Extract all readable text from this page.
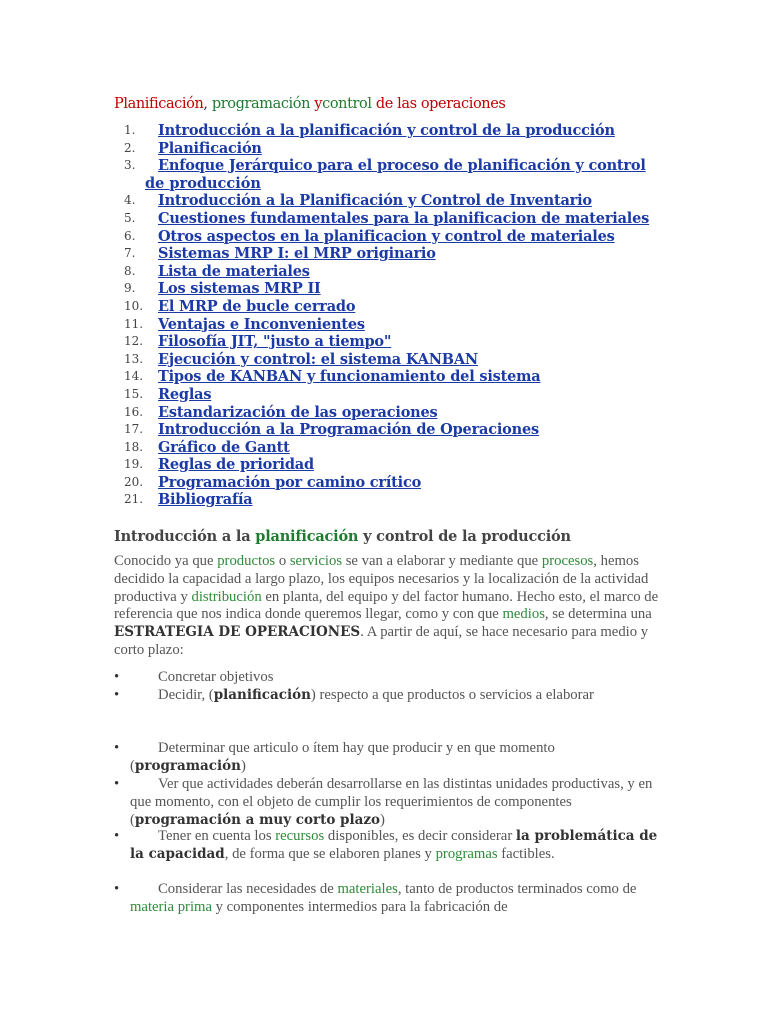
Planificación, programación ycontrol de las operaciones
1.	Introducción a la planificación y control de la producción
2.	Planificación
3.	Enfoque Jerárquico para el proceso de planificación y control
de producción
4.	Introducción a la Planificación y Control de Inventario
5.	Cuestiones fundamentales para la planificacion de materiales
6.	Otros aspectos en la planificacion y control de materiales
7.	Sistemas MRP I: el MRP originario
8.	Lista de materiales
9.	Los sistemas MRP II
10.	El MRP de bucle cerrado
11.	Ventajas e Inconvenientes
12.	Filosofía JIT, "justo a tiempo"
13.	Ejecución y control: el sistema KANBAN
14.	Tipos de KANBAN y funcionamiento del sistema
15.	Reglas
16.	Estandarización de las operaciones
17.	Introducción a la Programación de Operaciones
18.	Gráfico de Gantt
19.	Reglas de prioridad
20.	Programación por camino crítico
21.	Bibliografía
Introducción a la planificación y control de la producción
Conocido ya que productos o servicios se van a elaborar y mediante que procesos, hemos decidido la capacidad a largo plazo, los equipos necesarios y la localización de la actividad productiva y distribución en planta, del equipo y del factor humano. Hecho esto, el marco de referencia que nos indica donde queremos llegar, como y con que medios, se determina una ESTRATEGIA DE OPERACIONES. A partir de aquí, se hace necesario para medio y corto plazo:
•	Concretar objetivos
•	Decidir, (planificación) respecto a que productos o servicios a elaborar
•	Determinar que articulo o ítem hay que producir y en que momento (programación)
•	Ver que actividades deberán desarrollarse en las distintas unidades productivas, y en que momento, con el objeto de cumplir los requerimientos de componentes (programación a muy corto plazo)
•	Tener en cuenta los recursos disponibles, es decir considerar la problemática de la capacidad, de forma que se elaboren planes y programas factibles.
•	Considerar las necesidades de materiales, tanto de productos terminados como de materia prima y componentes intermedios para la fabricación de
